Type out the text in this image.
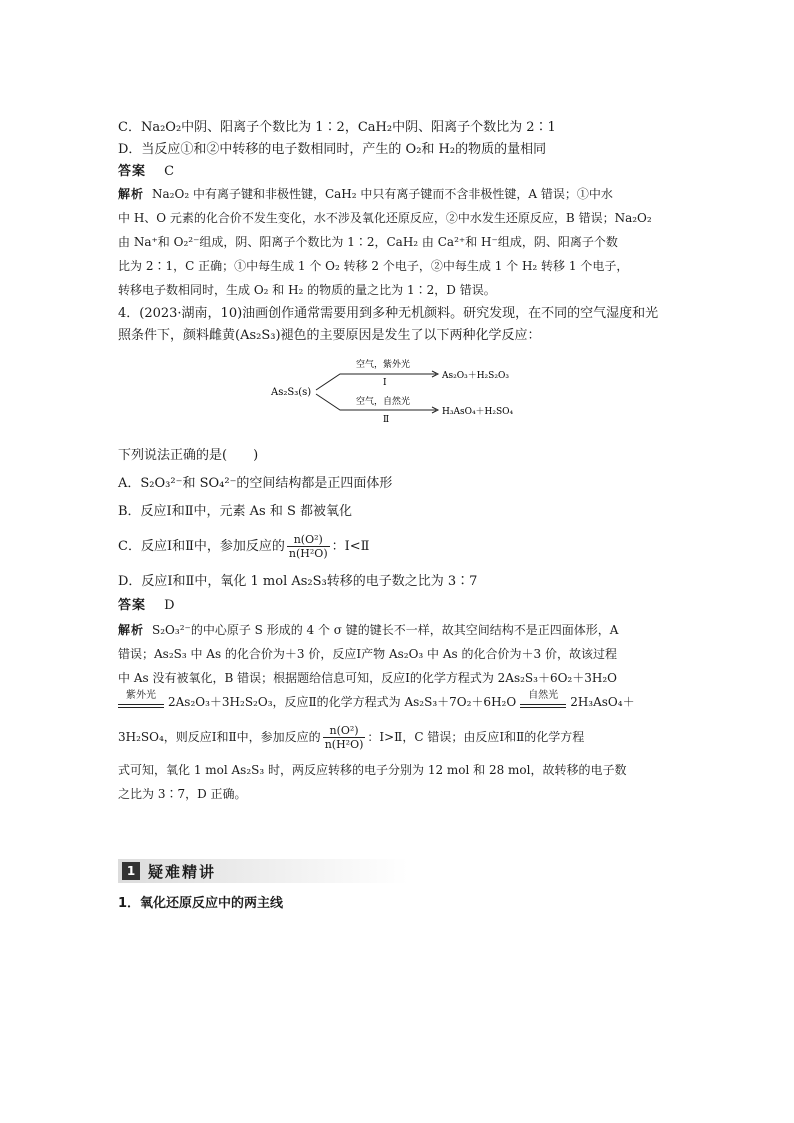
C．Na₂O₂中阴、阳离子个数比为 1∶2，CaH₂中阴、阳离子个数比为 2∶1
D．当反应①和②中转移的电子数相同时，产生的 O₂和 H₂的物质的量相同
答案 C
解析 Na₂O₂ 中有离子键和非极性键，CaH₂ 中只有离子键而不含非极性键，A 错误；①中水
中 H、O 元素的化合价不发生变化，水不涉及氧化还原反应，②中水发生还原反应，B 错误；Na₂O₂
由 Na⁺和 O₂²⁻组成，阴、阳离子个数比为 1∶2，CaH₂ 由 Ca²⁺和 H⁻组成，阴、阳离子个数
比为 2∶1，C 正确；①中每生成 1 个 O₂ 转移 2 个电子，②中每生成 1 个 H₂ 转移 1 个电子，
转移电子数相同时，生成 O₂ 和 H₂ 的物质的量之比为 1∶2，D 错误。
4．(2023·湖南，10)油画创作通常需要用到多种无机颜料。研究发现，在不同的空气湿度和光
照条件下，颜料雌黄(As₂S₃)褪色的主要原因是发生了以下两种化学反应：
As₂S₃(s)
空气，紫外光
Ⅰ
As₂O₃＋H₂S₂O₃
空气，自然光
Ⅱ
H₃AsO₄＋H₂SO₄
下列说法正确的是(　　)
A．S₂O₃²⁻和 SO₄²⁻的空间结构都是正四面体形
B．反应Ⅰ和Ⅱ中，元素 As 和 S 都被氧化
C．反应Ⅰ和Ⅱ中，参加反应的 $\frac{\text{n(O²)}}{\text{n(H²O)}}$ ：Ⅰ<Ⅱ
D．反应Ⅰ和Ⅱ中，氧化 1 mol As₂S₃转移的电子数之比为 3∶7
答案 D
解析 S₂O₃²⁻的中心原子 S 形成的 4 个 σ 键的键长不一样，故其空间结构不是正四面体形，A
错误；As₂S₃ 中 As 的化合价为＋3 价，反应Ⅰ产物 As₂O₃ 中 As 的化合价为＋3 价，故该过程
中 As 没有被氧化，B 错误；根据题给信息可知，反应Ⅰ的化学方程式为 2As₂S₃＋6O₂＋3H₂O
紫外光	2As₂O₃＋3H₂S₂O₃，反应Ⅱ的化学方程式为 As₂S₃＋7O₂＋6H₂O	自然光	2H₃AsO₄＋
3H₂SO₄，则反应Ⅰ和Ⅱ中，参加反应的 $\frac{\text{n(O²)}}{\text{n(H²O)}}$ ：Ⅰ>Ⅱ，C 错误；由反应Ⅰ和Ⅱ的化学方程
式可知，氧化 1 mol As₂S₃ 时，两反应转移的电子分别为 12 mol 和 28 mol，故转移的电子数
之比为 3∶7，D 正确。
1 疑难精讲
1．氧化还原反应中的两主线
